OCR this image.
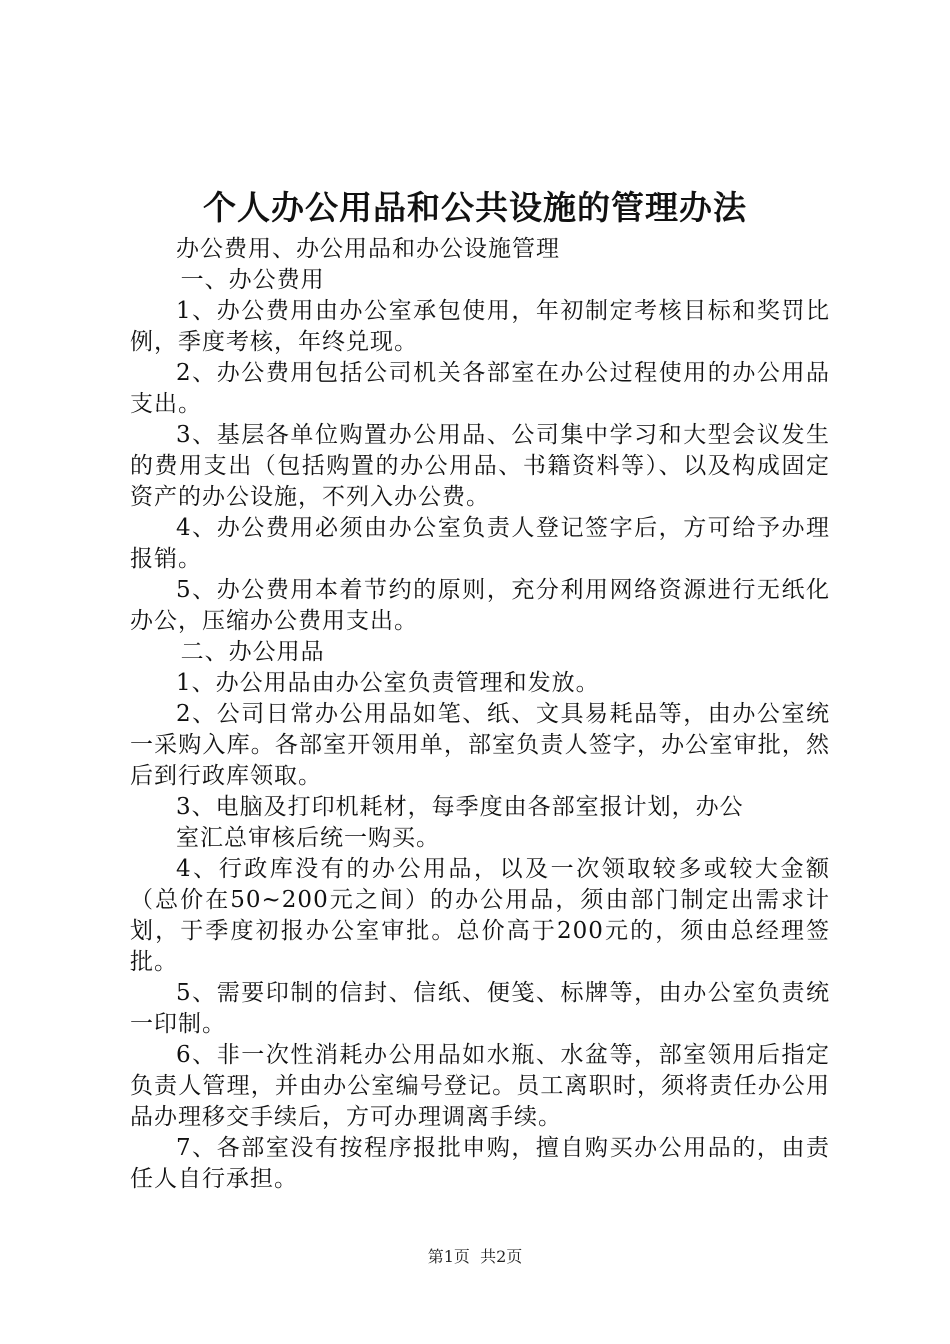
个人办公用品和公共设施的管理办法

办公费用、办公用品和办公设施管理

一、办公费用

1、办公费用由办公室承包使用，年初制定考核目标和奖罚比例，季度考核，年终兑现。

2、办公费用包括公司机关各部室在办公过程使用的办公用品支出。

3、基层各单位购置办公用品、公司集中学习和大型会议发生的费用支出（包括购置的办公用品、书籍资料等）、以及构成固定资产的办公设施，不列入办公费。

4、办公费用必须由办公室负责人登记签字后，方可给予办理报销。

5、办公费用本着节约的原则，充分利用网络资源进行无纸化办公，压缩办公费用支出。

二、办公用品

1、办公用品由办公室负责管理和发放。

2、公司日常办公用品如笔、纸、文具易耗品等，由办公室统一采购入库。各部室开领用单，部室负责人签字，办公室审批，然后到行政库领取。

3、电脑及打印机耗材，每季度由各部室报计划，办公

室汇总审核后统一购买。

4、行政库没有的办公用品，以及一次领取较多或较大金额（总价在50~200元之间）的办公用品，须由部门制定出需求计划，于季度初报办公室审批。总价高于200元的，须由总经理签批。

5、需要印制的信封、信纸、便笺、标牌等，由办公室负责统一印制。

6、非一次性消耗办公用品如水瓶、水盆等，部室领用后指定负责人管理，并由办公室编号登记。员工离职时，须将责任办公用品办理移交手续后，方可办理调离手续。

7、各部室没有按程序报批申购，擅自购买办公用品的，由责任人自行承担。

第1页 共2页
